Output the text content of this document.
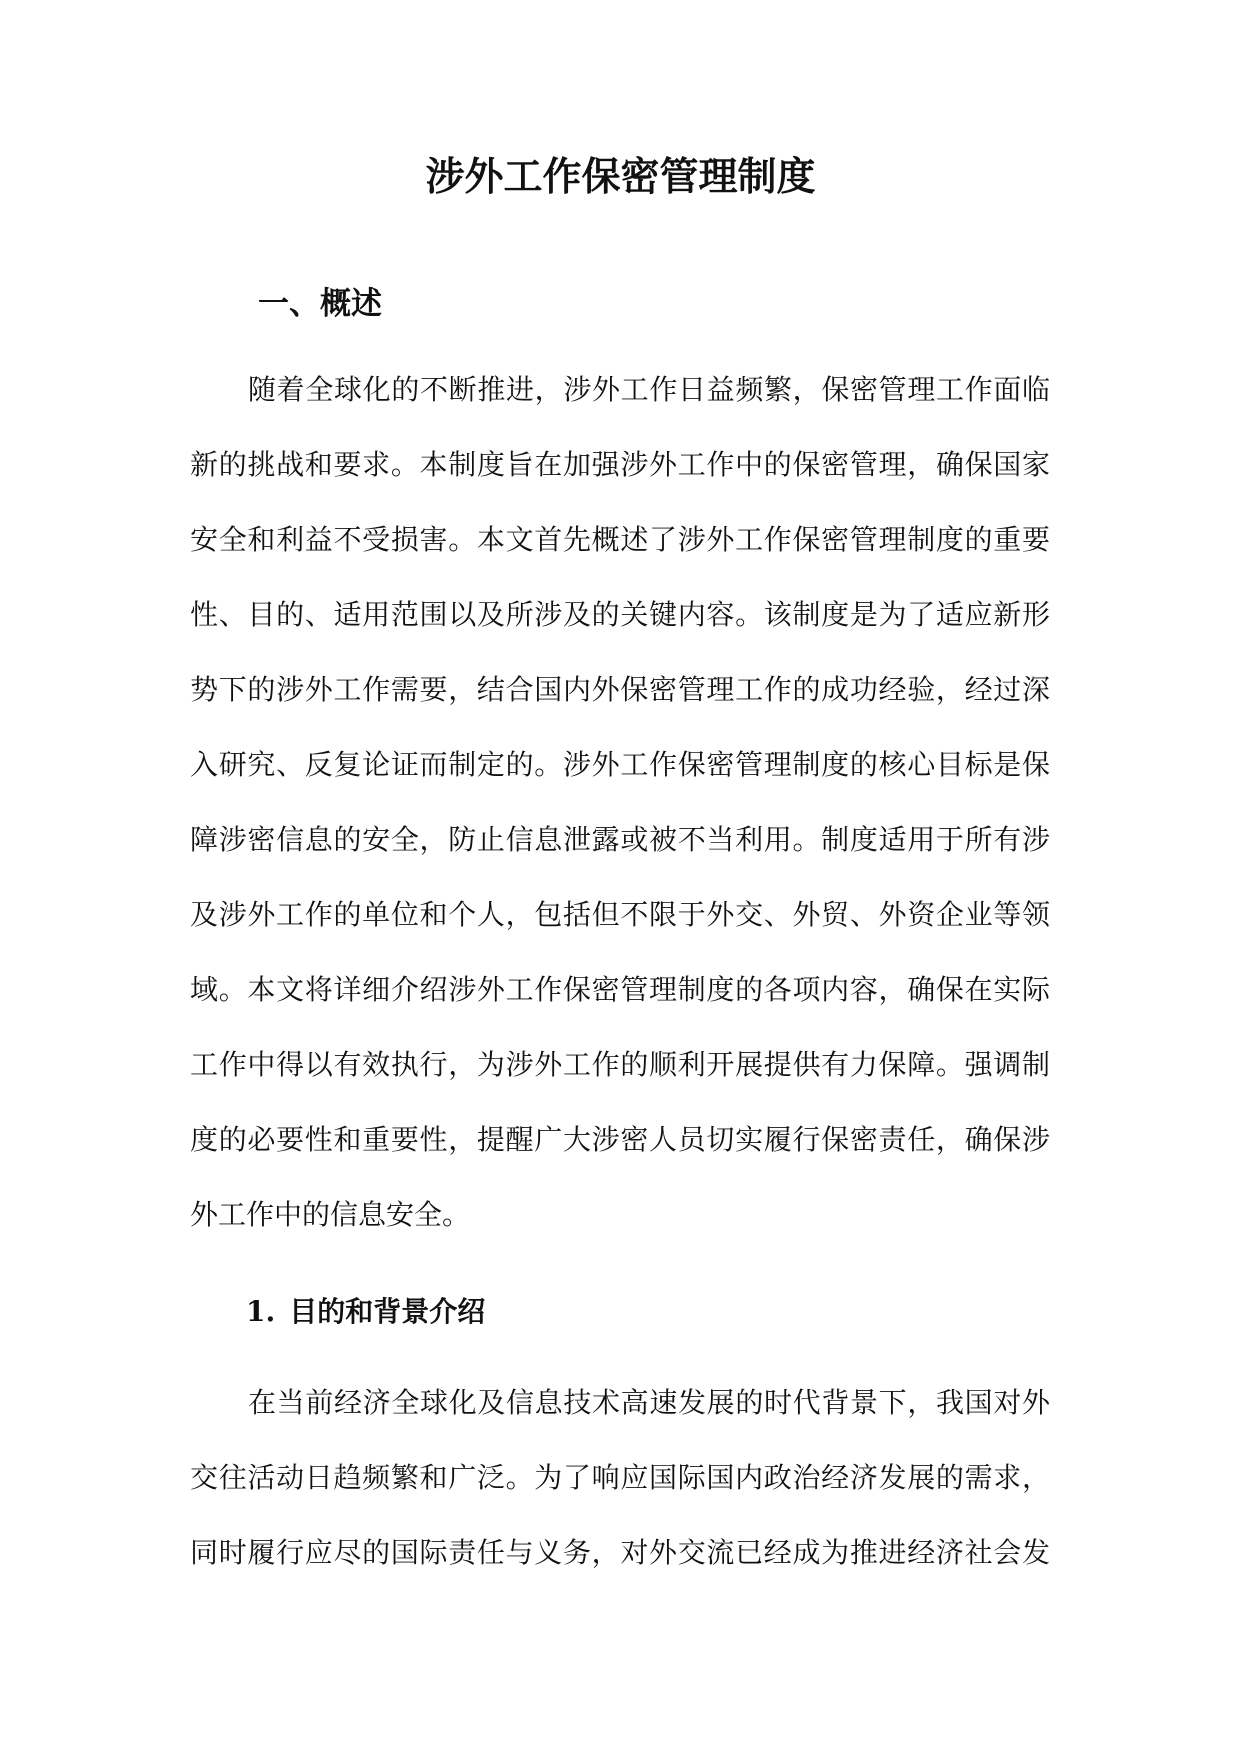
涉外工作保密管理制度
一、概述

随着全球化的不断推进，涉外工作日益频繁，保密管理工作面临
新的挑战和要求。本制度旨在加强涉外工作中的保密管理，确保国家
安全和利益不受损害。本文首先概述了涉外工作保密管理制度的重要
性、目的、适用范围以及所涉及的关键内容。该制度是为了适应新形
势下的涉外工作需要，结合国内外保密管理工作的成功经验，经过深
入研究、反复论证而制定的。涉外工作保密管理制度的核心目标是保
障涉密信息的安全，防止信息泄露或被不当利用。制度适用于所有涉
及涉外工作的单位和个人，包括但不限于外交、外贸、外资企业等领
域。本文将详细介绍涉外工作保密管理制度的各项内容，确保在实际
工作中得以有效执行，为涉外工作的顺利开展提供有力保障。强调制
度的必要性和重要性，提醒广大涉密人员切实履行保密责任，确保涉
外工作中的信息安全。

1. 目的和背景介绍

在当前经济全球化及信息技术高速发展的时代背景下，我国对外
交往活动日趋频繁和广泛。为了响应国际国内政治经济发展的需求，
同时履行应尽的国际责任与义务，对外交流已经成为推进经济社会发
